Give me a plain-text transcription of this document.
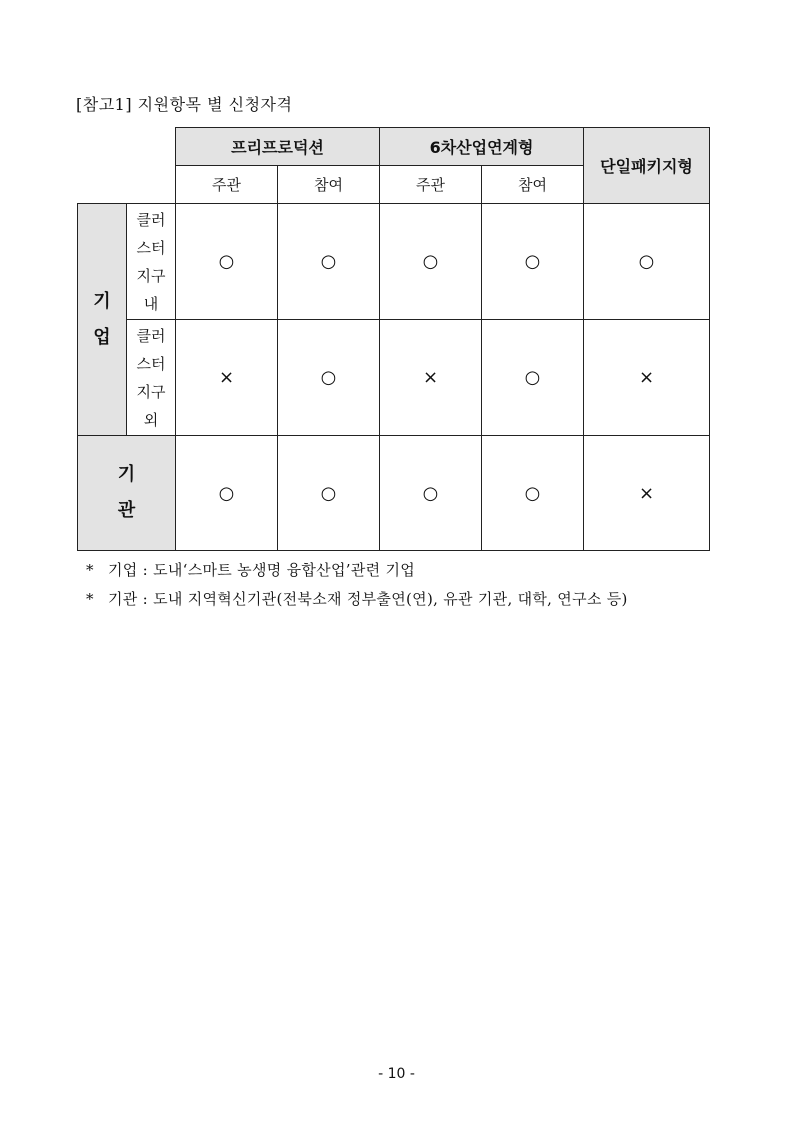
[참고1] 지원항목 별 신청자격
		프리프로덕션		6차산업연계형		단일패키지형
		주관	참여	주관	참여	
기업	클러스터지구내	○	○	○	○	○
	클러스터지구외	×	○	×	○	×
기관		○	○	○	○	×
* 기업 : 도내‘스마트 농생명 융합산업’관련 기업
* 기관 : 도내 지역혁신기관(전북소재 정부출연(연), 유관 기관, 대학, 연구소 등)
- 10 -
